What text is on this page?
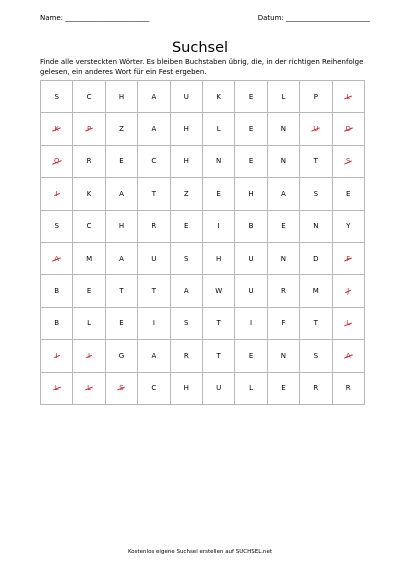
Name: ________________________	Datum: ________________________
Suchsel
Finde alle versteckten Wörter. Es bleiben Buchstaben übrig, die, in der richtigen Reihenfolge gelesen, ein anderes Wort für ein Fest ergeben.
S	C	H	A	U	K	E	L	P	L
K	P	Z	A	H	L	E	N	U	D
Q	R	E	C	H	N	E	N	T	S
I	K	A	T	Z	E	H	A	S	E
S	C	H	R	E	I	B	E	N	Y
A	M	A	U	S	H	U	N	D	F
B	E	T	T	A	W	U	R	M	J
B	L	E	I	S	T	I	F	T	L
I	I	G	A	R	T	E	N	S	A
L	L	S	C	H	U	L	E	R	R
Kostenlos eigene Suchsel erstellen auf SUCHSEL.net
